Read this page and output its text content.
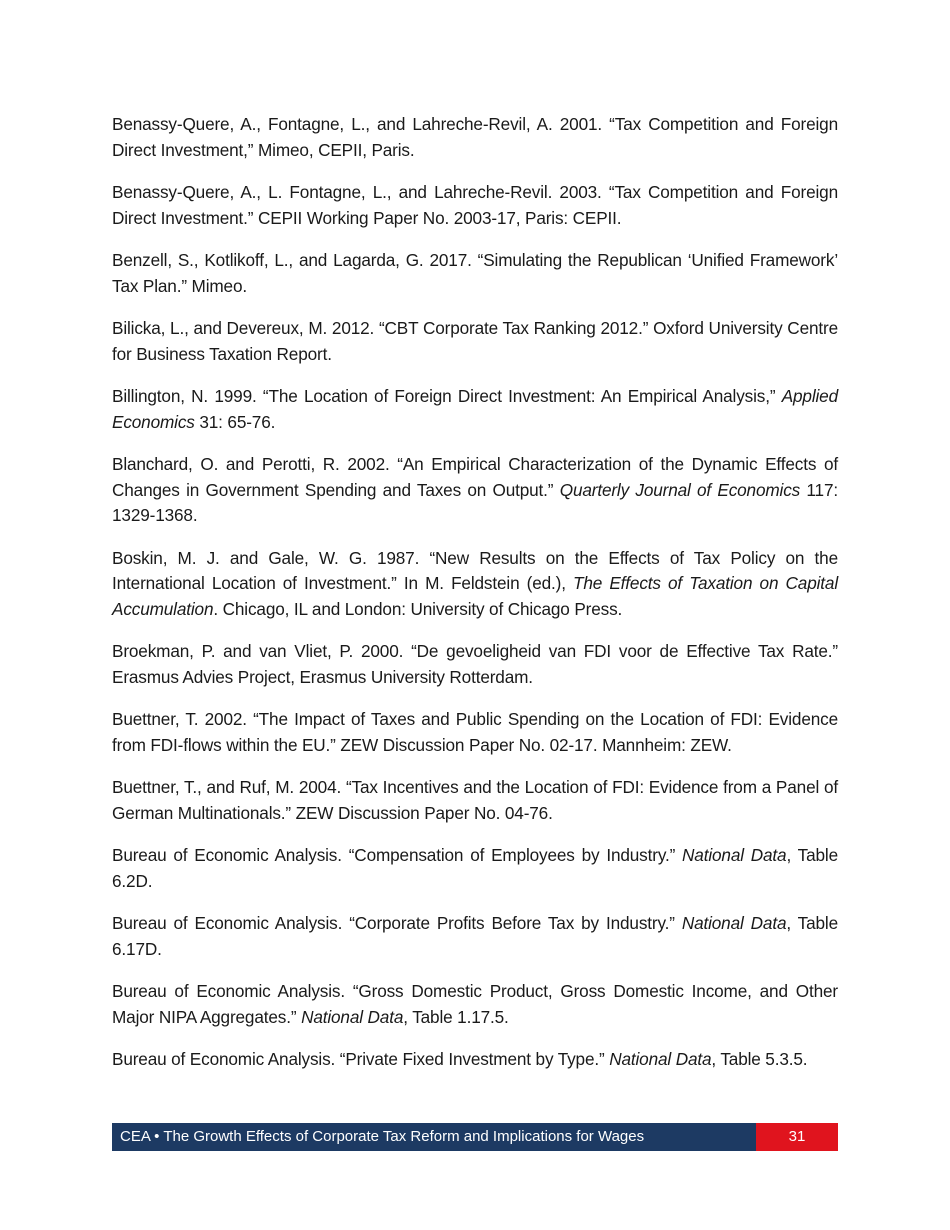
Benassy-Quere, A., Fontagne, L., and Lahreche-Revil, A. 2001. “Tax Competition and Foreign Direct Investment,” Mimeo, CEPII, Paris.

Benassy-Quere, A., L. Fontagne, L., and Lahreche-Revil. 2003. “Tax Competition and Foreign Direct Investment.” CEPII Working Paper No. 2003-17, Paris: CEPII.

Benzell, S., Kotlikoff, L., and Lagarda, G. 2017. “Simulating the Republican ‘Unified Framework’ Tax Plan.” Mimeo.

Bilicka, L., and Devereux, M. 2012. “CBT Corporate Tax Ranking 2012.” Oxford University Centre for Business Taxation Report.

Billington, N. 1999. “The Location of Foreign Direct Investment: An Empirical Analysis,” Applied Economics 31: 65-76.

Blanchard, O. and Perotti, R. 2002. “An Empirical Characterization of the Dynamic Effects of Changes in Government Spending and Taxes on Output.” Quarterly Journal of Economics 117: 1329-1368.

Boskin, M. J. and Gale, W. G. 1987. “New Results on the Effects of Tax Policy on the International Location of Investment.” In M. Feldstein (ed.), The Effects of Taxation on Capital Accumulation. Chicago, IL and London: University of Chicago Press.

Broekman, P. and van Vliet, P. 2000. “De gevoeligheid van FDI voor de Effective Tax Rate.” Erasmus Advies Project, Erasmus University Rotterdam.

Buettner, T. 2002. “The Impact of Taxes and Public Spending on the Location of FDI: Evidence from FDI-flows within the EU.” ZEW Discussion Paper No. 02-17. Mannheim: ZEW.

Buettner, T., and Ruf, M. 2004. “Tax Incentives and the Location of FDI: Evidence from a Panel of German Multinationals.” ZEW Discussion Paper No. 04-76.

Bureau of Economic Analysis. “Compensation of Employees by Industry.” National Data, Table 6.2D.

Bureau of Economic Analysis. “Corporate Profits Before Tax by Industry.” National Data, Table 6.17D.

Bureau of Economic Analysis. “Gross Domestic Product, Gross Domestic Income, and Other Major NIPA Aggregates.” National Data, Table 1.17.5.

Bureau of Economic Analysis. “Private Fixed Investment by Type.” National Data, Table 5.3.5.

CEA • The Growth Effects of Corporate Tax Reform and Implications for Wages	31
